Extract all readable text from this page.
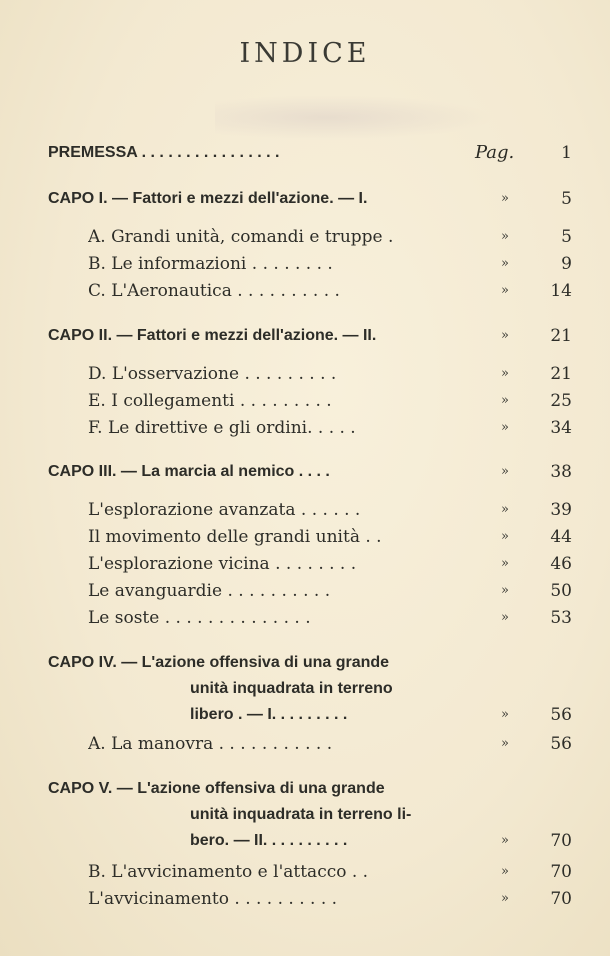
INDICE
PREMESSA . . . . . . . . . . . . . . . .	Pag.	1
CAPO I. — Fattori e mezzi dell'azione. — I.	»	5
A. Grandi unità, comandi e truppe .	»	5
B. Le informazioni . . . . . . . .	»	9
C. L'Aeronautica . . . . . . . . . .	»	14
CAPO II. — Fattori e mezzi dell'azione. — II.	»	21
D. L'osservazione . . . . . . . . .	»	21
E. I collegamenti . . . . . . . . .	»	25
F. Le direttive e gli ordini. . . . .	»	34
CAPO III. — La marcia al nemico . . . .	»	38
L'esplorazione avanzata . . . . . .	»	39
Il movimento delle grandi unità . .	»	44
L'esplorazione vicina . . . . . . . .	»	46
Le avanguardie . . . . . . . . . .	»	50
Le soste . . . . . . . . . . . . . .	»	53
CAPO IV. — L'azione offensiva di una grande
unità inquadrata in terreno
libero . — I. . . . . . . . .	»	56
A. La manovra . . . . . . . . . . .	»	56
CAPO V. — L'azione offensiva di una grande
unità inquadrata in terreno li-
bero. — II. . . . . . . . . .	»	70
B. L'avvicinamento e l'attacco . .	»	70
L'avvicinamento . . . . . . . . . .	»	70
